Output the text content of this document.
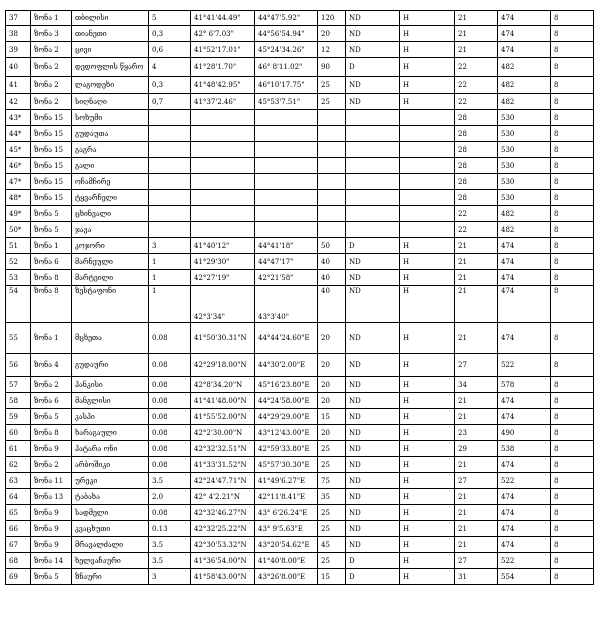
37	ზონა 1	თბილისი	5	41°41'44.49"	44°47'5.92"	120	ND	H	21	474	8
38	ზონა 3	თიანეთი	0,3	42° 6'7.03"	44°56'54.94"	20	ND	H	21	474	8
39	ზონა 2	ცივი	0,6	41°52'17.01"	45°24'34.26"	12	ND	H	21	474	8
40	ზონა 2	დედოფლის წყარო	4	41°28'1.70"	46° 8'11.02"	90	D	H	22	482	8
41	ზონა 2	ლაგოდეხი	0,3	41°48'42.95"	46°10'17.75"	25	ND	H	22	482	8
42	ზონა 2	სიღნაღი	0,7	41°37'2.46"	45°53'7.51"	25	ND	H	22	482	8
43*	ზონა 15	სოხუმი							28	530	8
44*	ზონა 15	გუდაუთა							28	530	8
45*	ზონა 15	გაგრა							28	530	8
46*	ზონა 15	გალი							28	530	8
47*	ზონა 15	ოჩამჩირე							28	530	8
48*	ზონა 15	ტყვარჩელი							28	530	8
49*	ზონა 5	ცხინვალი							22	482	8
50*	ზონა 5	ჯავა							22	482	8
51	ზონა 1	კოჯორი	3	41°40'12"	44°41'18"	50	D	H	21	474	8
52	ზონა 6	მარნეული	1	41°29'30"	44°47'17"	40	ND	H	21	474	8
53	ზონა 8	მარტვილი	1	42°27'19"	42°21'58"	40	ND	H	21	474	8
54	ზონა 8	ზესტაფონი	1	42°3'34"	43°3'40"	40	ND	H	21	474	8
55	ზონა 1	მცხეთა	0.08	41°50'30.31"N	44°44'24.60"E	20	ND	H	21	474	8
56	ზონა 4	გუდაური	0.08	42°29'18.00"N	44°30'2.00"E	20	ND	H	27	522	8
57	ზონა 2	პანკისი	0.08	42°8'34.20"N	45°16'23.80"E	20	ND	H	34	578	8
58	ზონა 6	მანგლისი	0.08	41°41'48.00"N	44°24'58.00"E	20	ND	H	21	474	8
59	ზონა 5	კასპი	0.08	41°55'52.00"N	44°29'29.00"E	15	ND	H	21	474	8
60	ზონა 8	ხარაგაული	0.08	42°2'30.00"N	43°12'43.00"E	20	ND	H	23	490	8
61	ზონა 9	პატარა ონი	0.08	42°32'32.51"N	42°59'33.80"E	25	ND	H	29	538	8
62	ზონა 2	არბოშიკი	0.08	41°33'31.52"N	45°57'30.30"E	25	ND	H	21	474	8
63	ზონა 11	ურეკი	3.5	42°24'47.71"N	41°49'6.27"E	75	ND	H	27	522	8
64	ზონა 13	ტაბახა	2.0	42° 4'2.21"N	42°11'8.41"E	35	ND	H	21	474	8
65	ზონა 9	სადმელი	0.08	42°32'46.27"N	43° 6'26.24"E	25	ND	H	21	474	8
66	ზონა 9	კვაცხუთი	0.13	42°32'25.22"N	43° 9'5.63"E	25	ND	H	21	474	8
67	ზონა 9	მრავალძალი	3.5	42°30'53.32"N	43°20'54.62"E	45	ND	H	21	474	8
68	ზონა 14	ხელვაჩაური	3.5	41°36'54.00"N	41°40'8.00"E	25	D	H	27	522	8
69	ზონა 5	ზნაური	3	41°58'43.00"N	43°26'8.00"E	15	D	H	31	554	8
